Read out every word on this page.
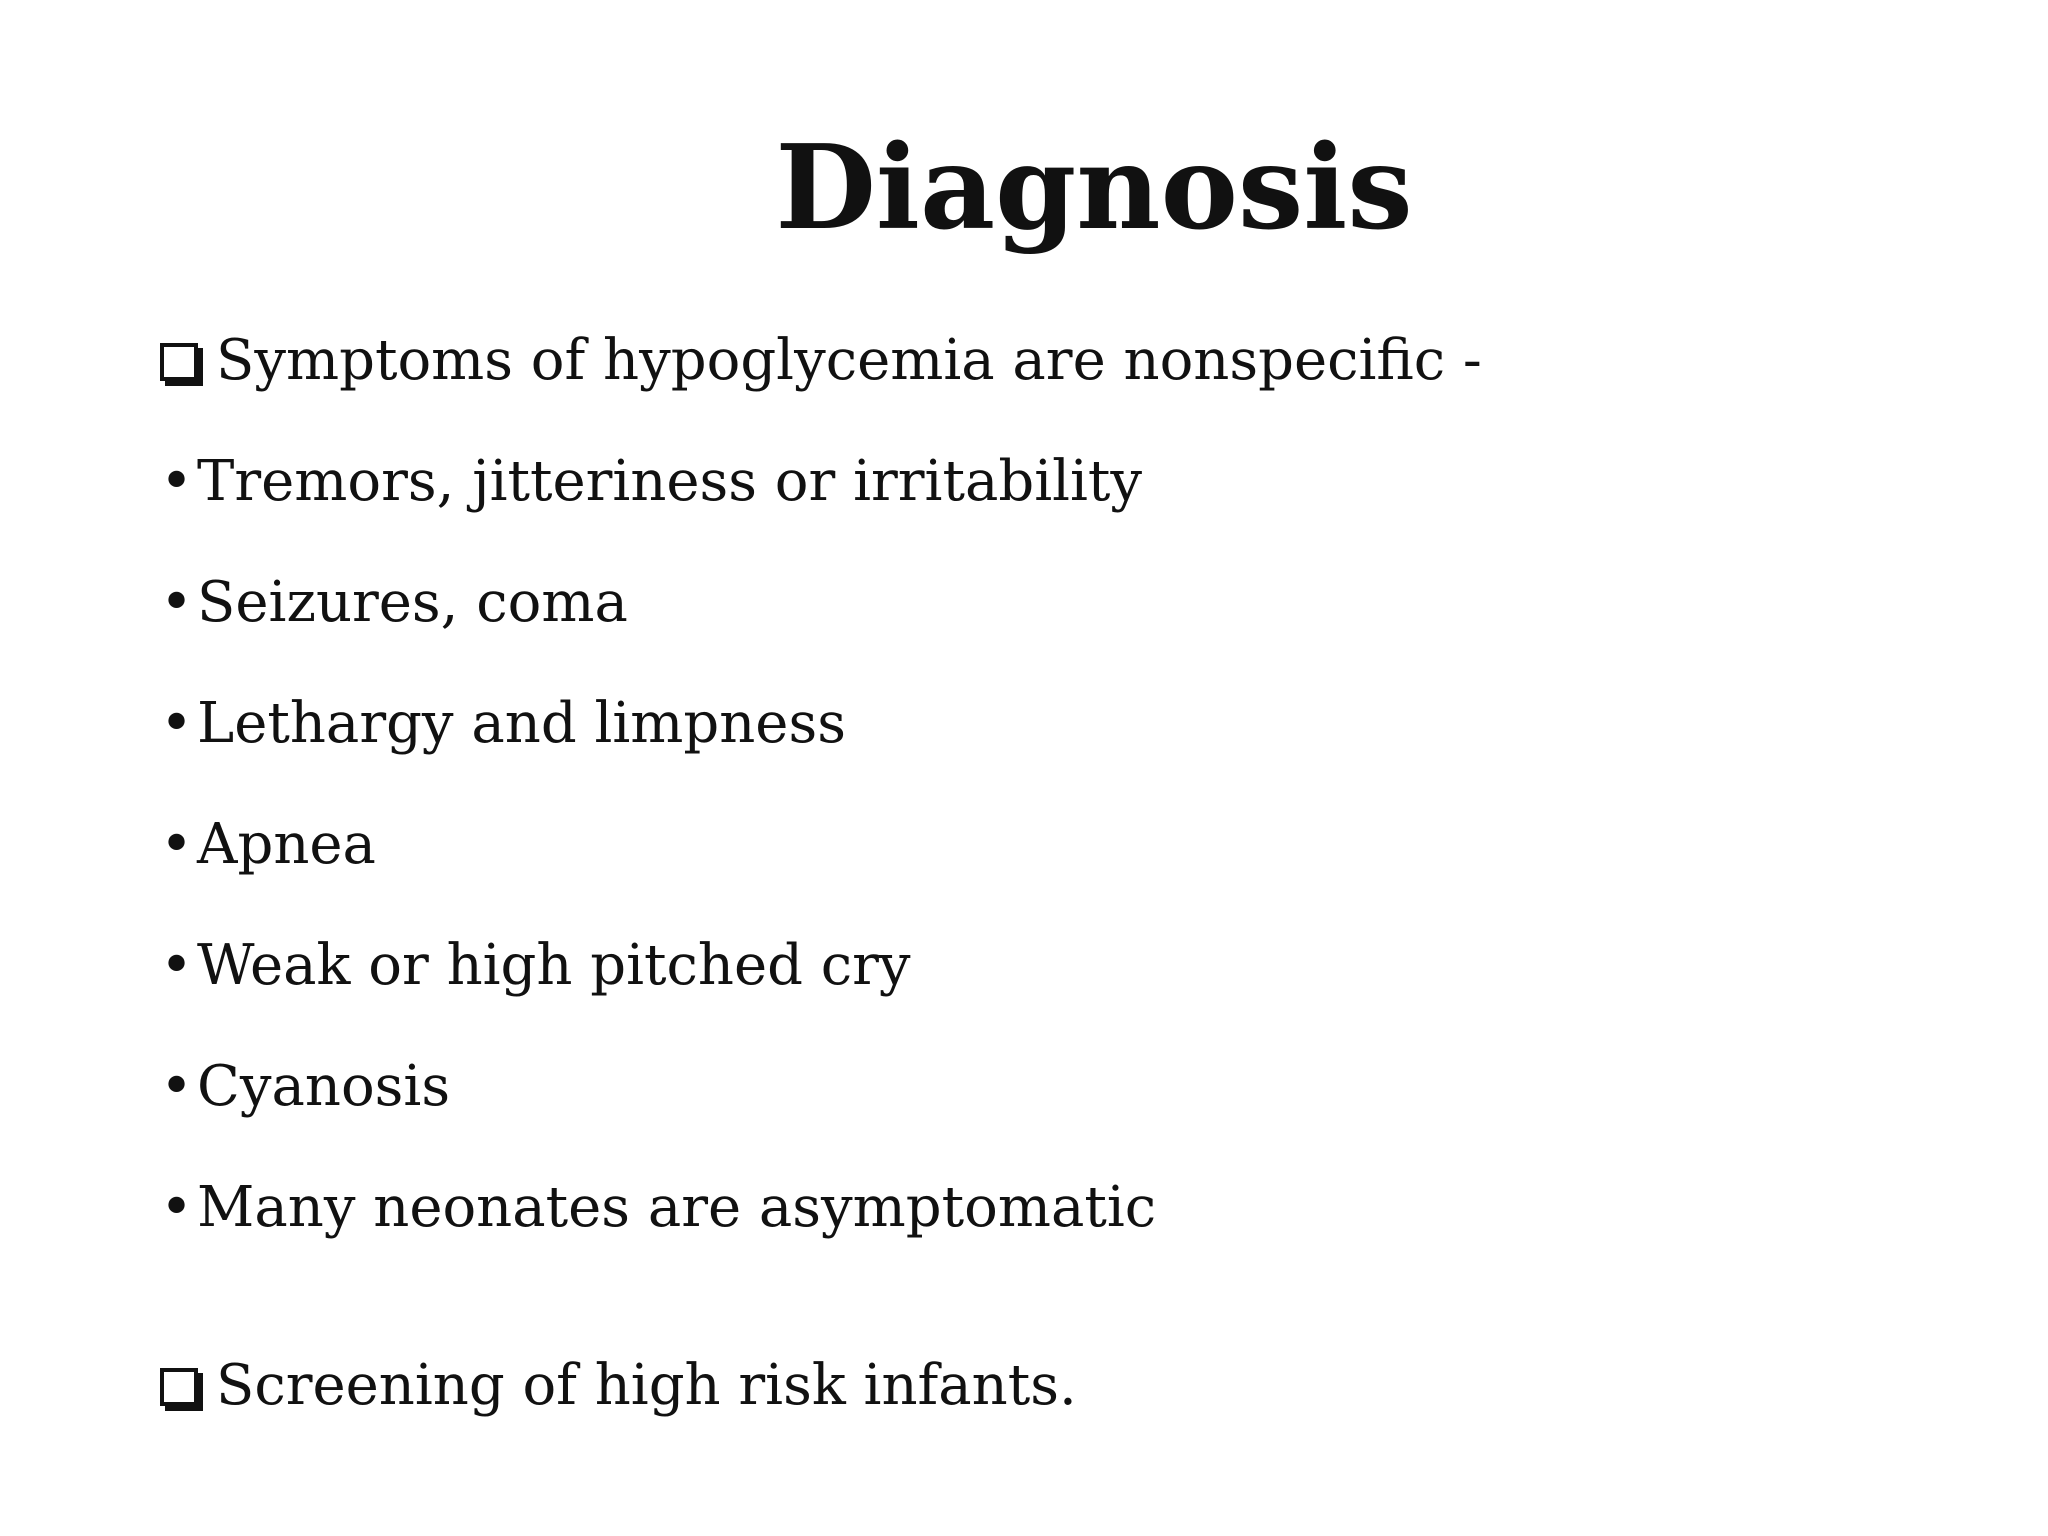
Diagnosis
Symptoms of hypoglycemia are nonspecific -
•Tremors, jitteriness or irritability
•Seizures, coma
•Lethargy and limpness
•Apnea
•Weak or high pitched cry
•Cyanosis
•Many neonates are asymptomatic
Screening of high risk infants.
